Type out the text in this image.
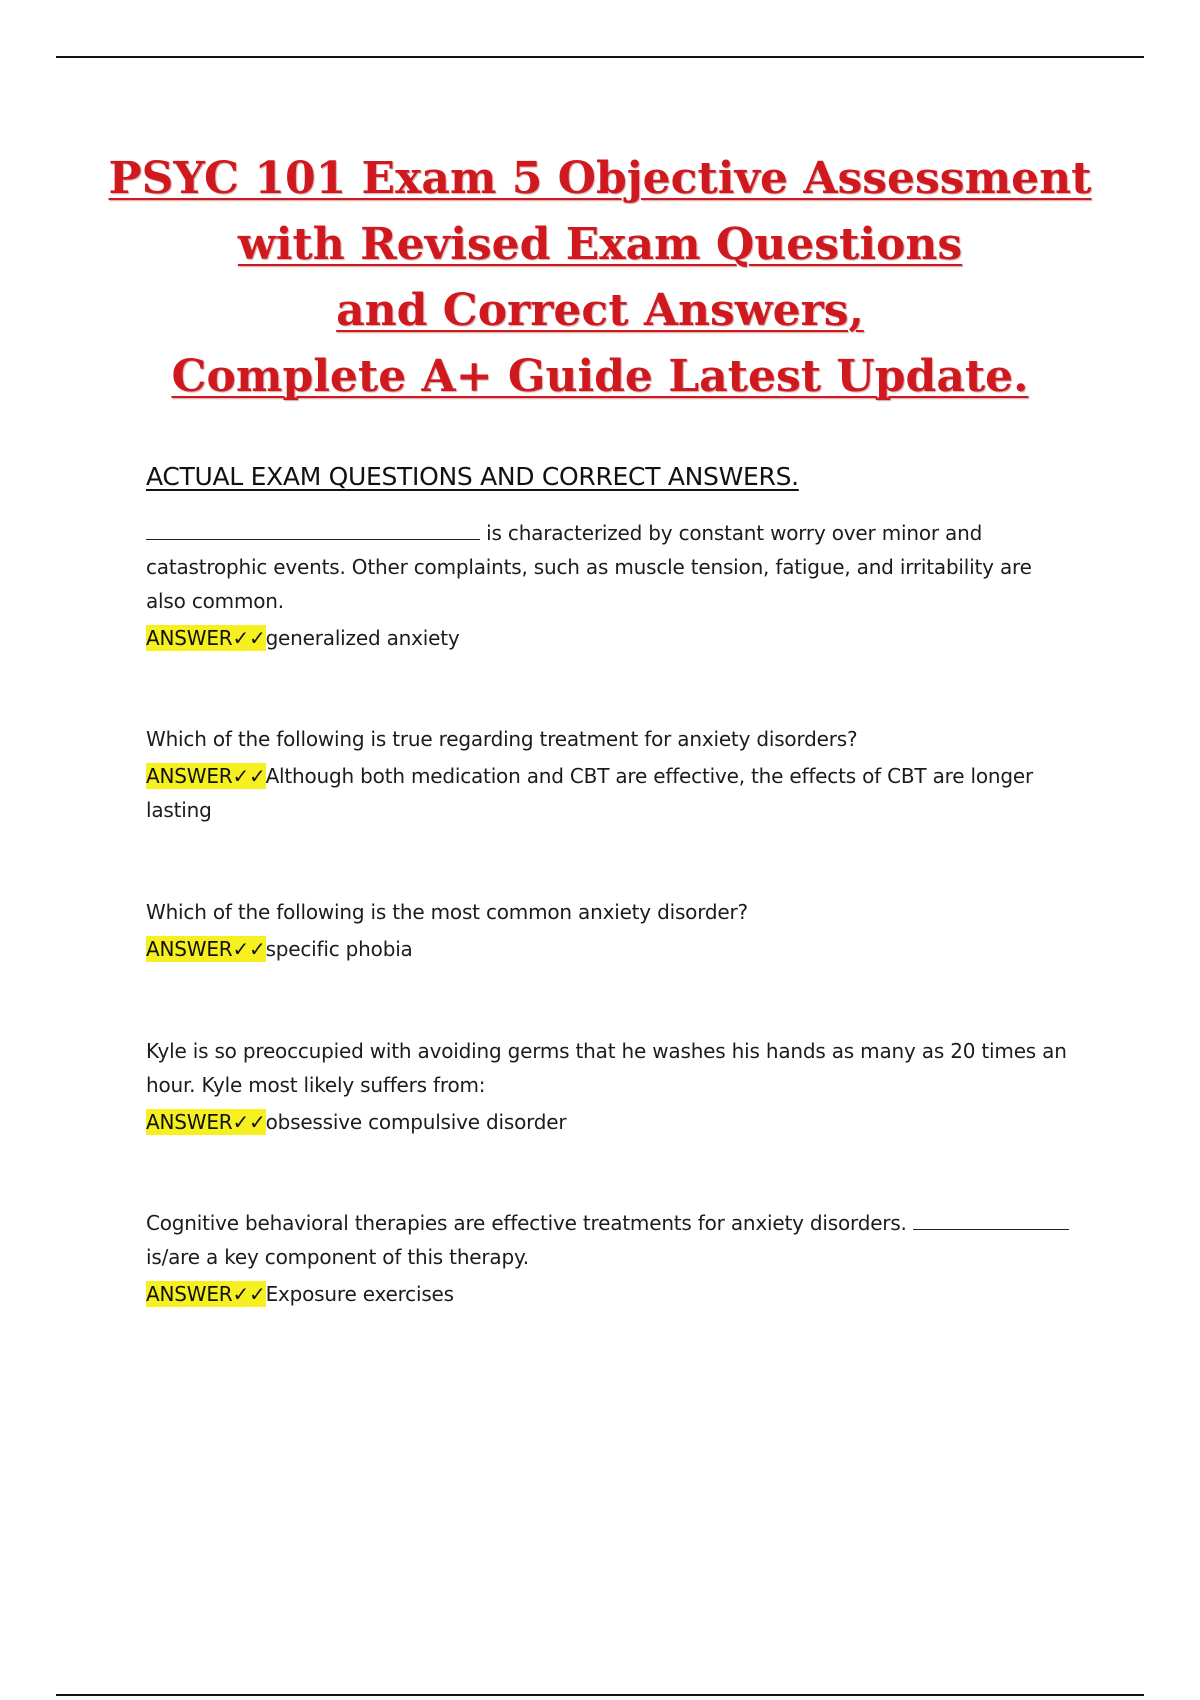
PSYC 101 Exam 5 Objective Assessment
with Revised Exam Questions
and Correct Answers,
Complete A+ Guide Latest Update.
ACTUAL EXAM QUESTIONS AND CORRECT ANSWERS.

is characterized by constant worry over minor and catastrophic events. Other complaints, such as muscle tension, fatigue, and irritability are also common.

ANSWER✓✓generalized anxiety

Which of the following is true regarding treatment for anxiety disorders?

ANSWER✓✓Although both medication and CBT are effective, the effects of CBT are longer lasting

Which of the following is the most common anxiety disorder?

ANSWER✓✓specific phobia

Kyle is so preoccupied with avoiding germs that he washes his hands as many as 20 times an hour. Kyle most likely suffers from:

ANSWER✓✓obsessive compulsive disorder

Cognitive behavioral therapies are effective treatments for anxiety disorders.  is/are a key component of this therapy.

ANSWER✓✓Exposure exercises
